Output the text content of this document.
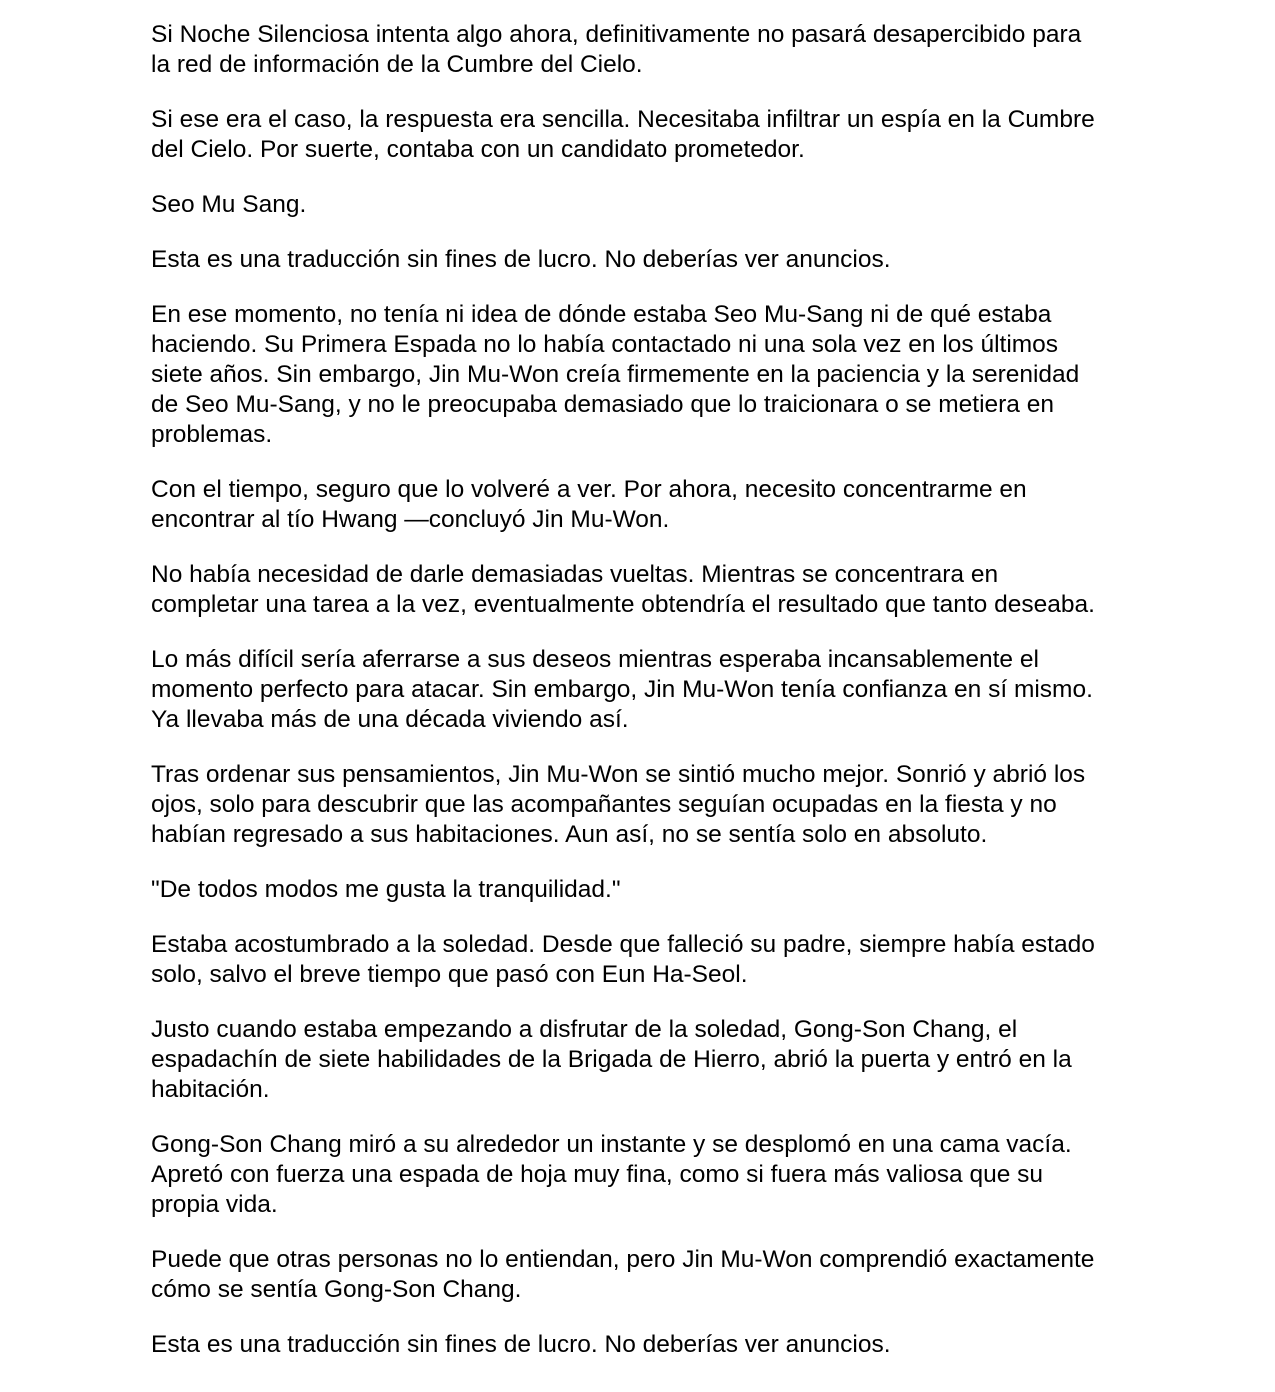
Si Noche Silenciosa intenta algo ahora, definitivamente no pasará desapercibido para
la red de información de la Cumbre del Cielo.

Si ese era el caso, la respuesta era sencilla. Necesitaba infiltrar un espía en la Cumbre
del Cielo. Por suerte, contaba con un candidato prometedor.

Seo Mu Sang.

Esta es una traducción sin fines de lucro. No deberías ver anuncios.

En ese momento, no tenía ni idea de dónde estaba Seo Mu-Sang ni de qué estaba
haciendo. Su Primera Espada no lo había contactado ni una sola vez en los últimos
siete años. Sin embargo, Jin Mu-Won creía firmemente en la paciencia y la serenidad
de Seo Mu-Sang, y no le preocupaba demasiado que lo traicionara o se metiera en
problemas.

Con el tiempo, seguro que lo volveré a ver. Por ahora, necesito concentrarme en
encontrar al tío Hwang —concluyó Jin Mu-Won.

No había necesidad de darle demasiadas vueltas. Mientras se concentrara en
completar una tarea a la vez, eventualmente obtendría el resultado que tanto deseaba.

Lo más difícil sería aferrarse a sus deseos mientras esperaba incansablemente el
momento perfecto para atacar. Sin embargo, Jin Mu-Won tenía confianza en sí mismo.
Ya llevaba más de una década viviendo así.

Tras ordenar sus pensamientos, Jin Mu-Won se sintió mucho mejor. Sonrió y abrió los
ojos, solo para descubrir que las acompañantes seguían ocupadas en la fiesta y no
habían regresado a sus habitaciones. Aun así, no se sentía solo en absoluto.

"De todos modos me gusta la tranquilidad."

Estaba acostumbrado a la soledad. Desde que falleció su padre, siempre había estado
solo, salvo el breve tiempo que pasó con Eun Ha-Seol.

Justo cuando estaba empezando a disfrutar de la soledad, Gong-Son Chang, el
espadachín de siete habilidades de la Brigada de Hierro, abrió la puerta y entró en la
habitación.

Gong-Son Chang miró a su alrededor un instante y se desplomó en una cama vacía.
Apretó con fuerza una espada de hoja muy fina, como si fuera más valiosa que su
propia vida.

Puede que otras personas no lo entiendan, pero Jin Mu-Won comprendió exactamente
cómo se sentía Gong-Son Chang.

Esta es una traducción sin fines de lucro. No deberías ver anuncios.
